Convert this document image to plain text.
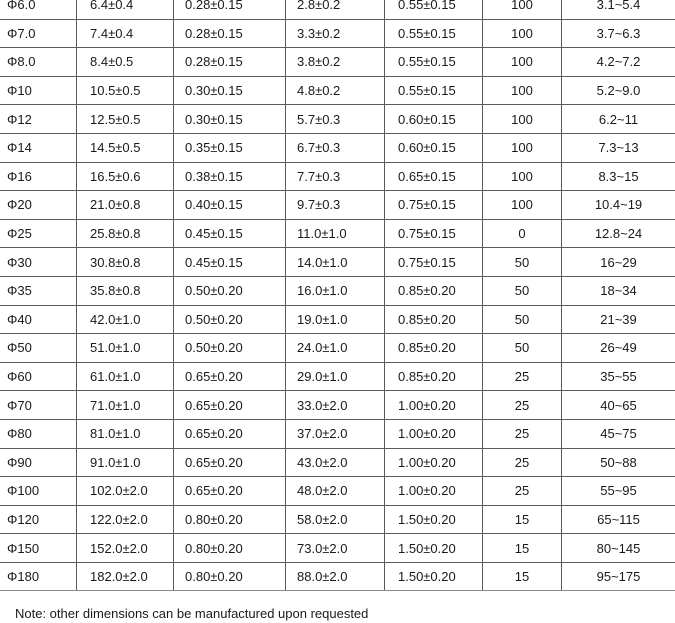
Φ6.0	6.4±0.4	0.28±0.15	2.8±0.2	0.55±0.15	100	3.1~5.4
Φ7.0	7.4±0.4	0.28±0.15	3.3±0.2	0.55±0.15	100	3.7~6.3
Φ8.0	8.4±0.5	0.28±0.15	3.8±0.2	0.55±0.15	100	4.2~7.2
Φ10	10.5±0.5	0.30±0.15	4.8±0.2	0.55±0.15	100	5.2~9.0
Φ12	12.5±0.5	0.30±0.15	5.7±0.3	0.60±0.15	100	6.2~11
Φ14	14.5±0.5	0.35±0.15	6.7±0.3	0.60±0.15	100	7.3~13
Φ16	16.5±0.6	0.38±0.15	7.7±0.3	0.65±0.15	100	8.3~15
Φ20	21.0±0.8	0.40±0.15	9.7±0.3	0.75±0.15	100	10.4~19
Φ25	25.8±0.8	0.45±0.15	11.0±1.0	0.75±0.15	0	12.8~24
Φ30	30.8±0.8	0.45±0.15	14.0±1.0	0.75±0.15	50	16~29
Φ35	35.8±0.8	0.50±0.20	16.0±1.0	0.85±0.20	50	18~34
Φ40	42.0±1.0	0.50±0.20	19.0±1.0	0.85±0.20	50	21~39
Φ50	51.0±1.0	0.50±0.20	24.0±1.0	0.85±0.20	50	26~49
Φ60	61.0±1.0	0.65±0.20	29.0±1.0	0.85±0.20	25	35~55
Φ70	71.0±1.0	0.65±0.20	33.0±2.0	1.00±0.20	25	40~65
Φ80	81.0±1.0	0.65±0.20	37.0±2.0	1.00±0.20	25	45~75
Φ90	91.0±1.0	0.65±0.20	43.0±2.0	1.00±0.20	25	50~88
Φ100	102.0±2.0	0.65±0.20	48.0±2.0	1.00±0.20	25	55~95
Φ120	122.0±2.0	0.80±0.20	58.0±2.0	1.50±0.20	15	65~115
Φ150	152.0±2.0	0.80±0.20	73.0±2.0	1.50±0.20	15	80~145
Φ180	182.0±2.0	0.80±0.20	88.0±2.0	1.50±0.20	15	95~175
Note: other dimensions can be manufactured upon requested
